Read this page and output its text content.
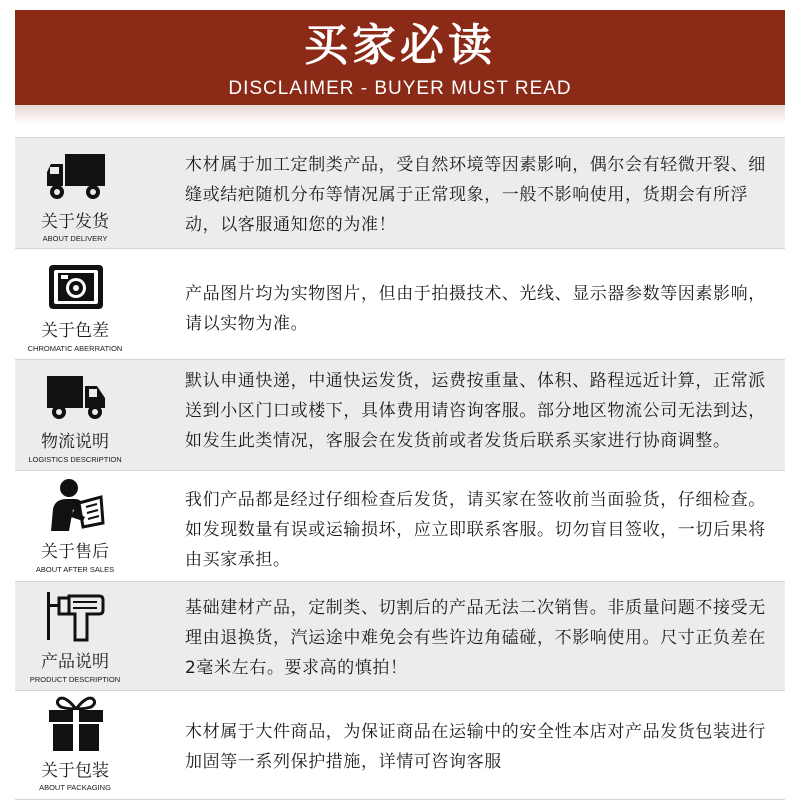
买家必读
DISCLAIMER - BUYER MUST READ
关于发货
ABOUT DELIVERY
木材属于加工定制类产品，受自然环境等因素影响，偶尔会有轻微开裂、细缝或结疤随机分布等情况属于正常现象，一般不影响使用，货期会有所浮动，以客服通知您的为准！
关于色差
CHROMATIC ABERRATION
产品图片均为实物图片，但由于拍摄技术、光线、显示器参数等因素影响，请以实物为准。
物流说明
LOGISTICS DESCRIPTION
默认申通快递，中通快运发货，运费按重量、体积、路程远近计算，正常派送到小区门口或楼下，具体费用请咨询客服。部分地区物流公司无法到达，如发生此类情况，客服会在发货前或者发货后联系买家进行协商调整。
关于售后
ABOUT AFTER SALES
我们产品都是经过仔细检查后发货，请买家在签收前当面验货，仔细检查。如发现数量有误或运输损坏，应立即联系客服。切勿盲目签收，一切后果将由买家承担。
产品说明
PRODUCT DESCRIPTION
基础建材产品，定制类、切割后的产品无法二次销售。非质量问题不接受无理由退换货，汽运途中难免会有些许边角磕碰，不影响使用。尺寸正负差在2毫米左右。要求高的慎拍！
关于包装
ABOUT PACKAGING
木材属于大件商品，为保证商品在运输中的安全性本店对产品发货包装进行加固等一系列保护措施，详情可咨询客服
